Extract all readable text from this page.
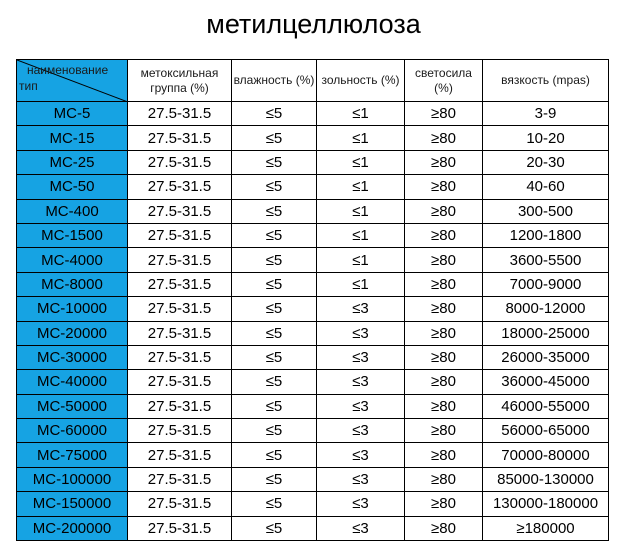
метилцеллюлоза
наименование
тип	метоксильная группа (%)	влажность (%)	зольность (%)	светосила (%)	вязкость (mpas)
MC-5	27.5-31.5	≤5	≤1	≥80	3-9
MC-15	27.5-31.5	≤5	≤1	≥80	10-20
MC-25	27.5-31.5	≤5	≤1	≥80	20-30
MC-50	27.5-31.5	≤5	≤1	≥80	40-60
MC-400	27.5-31.5	≤5	≤1	≥80	300-500
MC-1500	27.5-31.5	≤5	≤1	≥80	1200-1800
MC-4000	27.5-31.5	≤5	≤1	≥80	3600-5500
MC-8000	27.5-31.5	≤5	≤1	≥80	7000-9000
MC-10000	27.5-31.5	≤5	≤3	≥80	8000-12000
MC-20000	27.5-31.5	≤5	≤3	≥80	18000-25000
MC-30000	27.5-31.5	≤5	≤3	≥80	26000-35000
MC-40000	27.5-31.5	≤5	≤3	≥80	36000-45000
MC-50000	27.5-31.5	≤5	≤3	≥80	46000-55000
MC-60000	27.5-31.5	≤5	≤3	≥80	56000-65000
MC-75000	27.5-31.5	≤5	≤3	≥80	70000-80000
MC-100000	27.5-31.5	≤5	≤3	≥80	85000-130000
MC-150000	27.5-31.5	≤5	≤3	≥80	130000-180000
MC-200000	27.5-31.5	≤5	≤3	≥80	≥180000
